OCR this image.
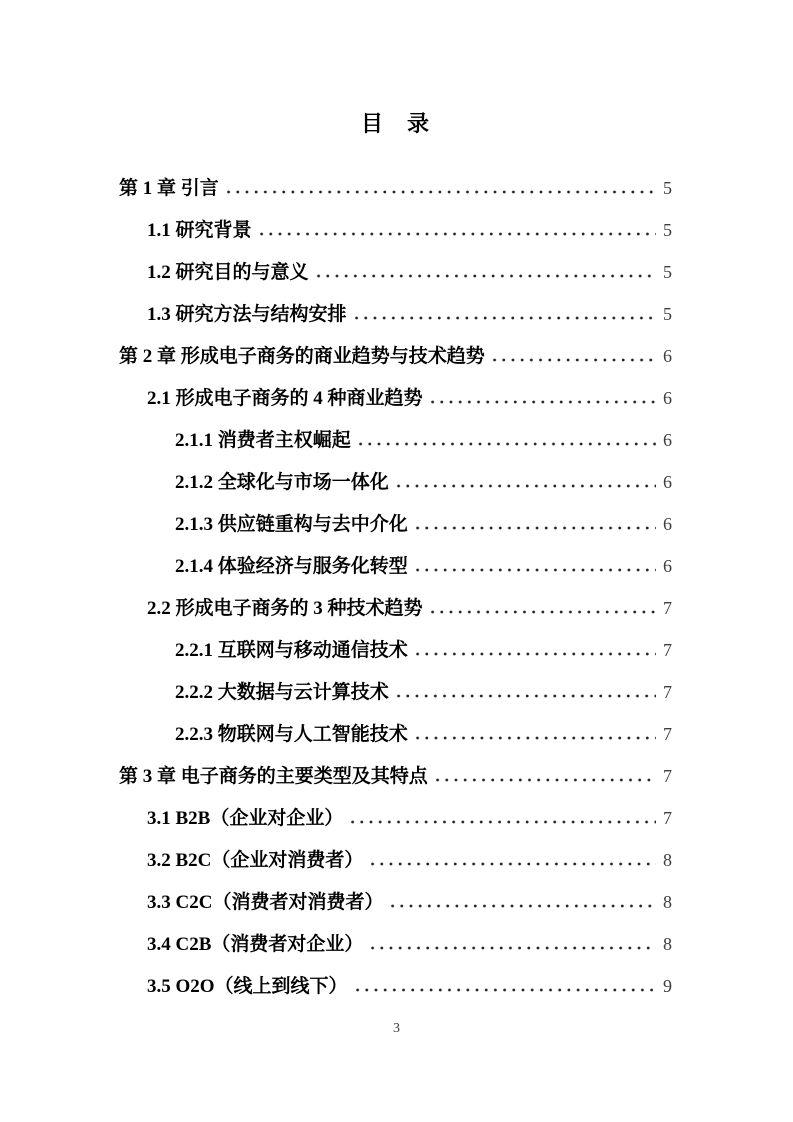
目　录
第 1 章 引言	5
1.1 研究背景	5
1.2 研究目的与意义	5
1.3 研究方法与结构安排	5
第 2 章 形成电子商务的商业趋势与技术趋势	6
2.1 形成电子商务的 4 种商业趋势	6
2.1.1 消费者主权崛起	6
2.1.2 全球化与市场一体化	6
2.1.3 供应链重构与去中介化	6
2.1.4 体验经济与服务化转型	6
2.2 形成电子商务的 3 种技术趋势	7
2.2.1 互联网与移动通信技术	7
2.2.2 大数据与云计算技术	7
2.2.3 物联网与人工智能技术	7
第 3 章 电子商务的主要类型及其特点	7
3.1 B2B（企业对企业）	7
3.2 B2C（企业对消费者）	8
3.3 C2C（消费者对消费者）	8
3.4 C2B（消费者对企业）	8
3.5 O2O（线上到线下）	9
3
